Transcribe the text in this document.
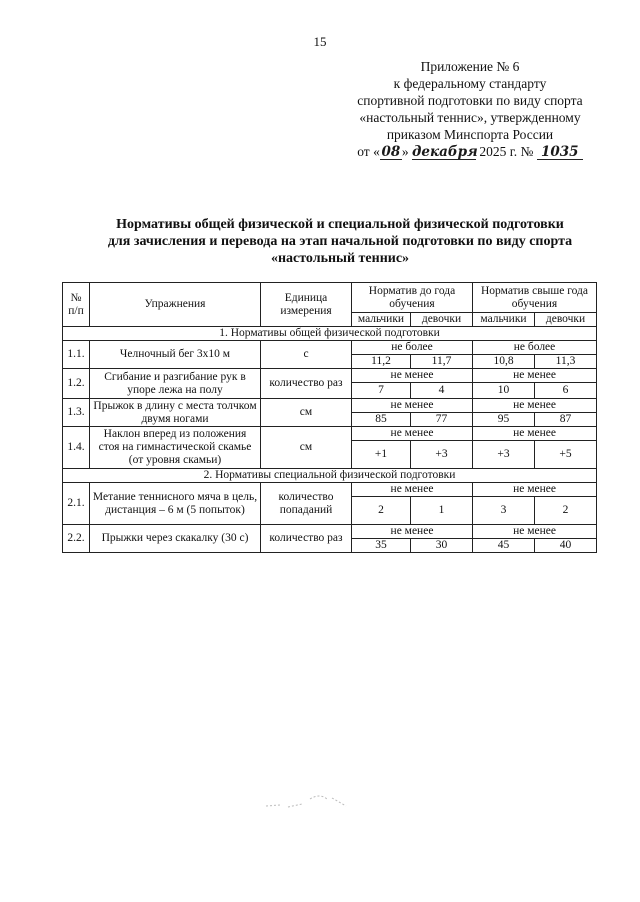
15
Приложение № 6
к федеральному стандарту
спортивной подготовки по виду спорта
«настольный теннис», утвержденному
приказом Минспорта России
от « 08 » декабря 2025 г. № 1035
Нормативы общей физической и специальной физической подготовки
для зачисления и перевода на этап начальной подготовки по виду спорта
«настольный теннис»
№ п/п	Упражнения	Единица измерения	Норматив до года обучения		Норматив свыше года обучения	
			мальчики	девочки	мальчики	девочки
1. Нормативы общей физической подготовки						
1.1.	Челночный бег 3x10 м	с	не более		не более	
			11,2	11,7	10,8	11,3
1.2.	Сгибание и разгибание рук в упоре лежа на полу	количество раз	не менее		не менее	
			7	4	10	6
1.3.	Прыжок в длину с места толчком двумя ногами	см	не менее		не менее	
			85	77	95	87
1.4.	Наклон вперед из положения стоя на гимнастической скамье (от уровня скамьи)	см	не менее		не менее	
			+1	+3	+3	+5
2. Нормативы специальной физической подготовки						
2.1.	Метание теннисного мяча в цель, дистанция – 6 м (5 попыток)	количество попаданий	не менее		не менее	
			2	1	3	2
2.2.	Прыжки через скакалку (30 с)	количество раз	не менее		не менее	
			35	30	45	40
